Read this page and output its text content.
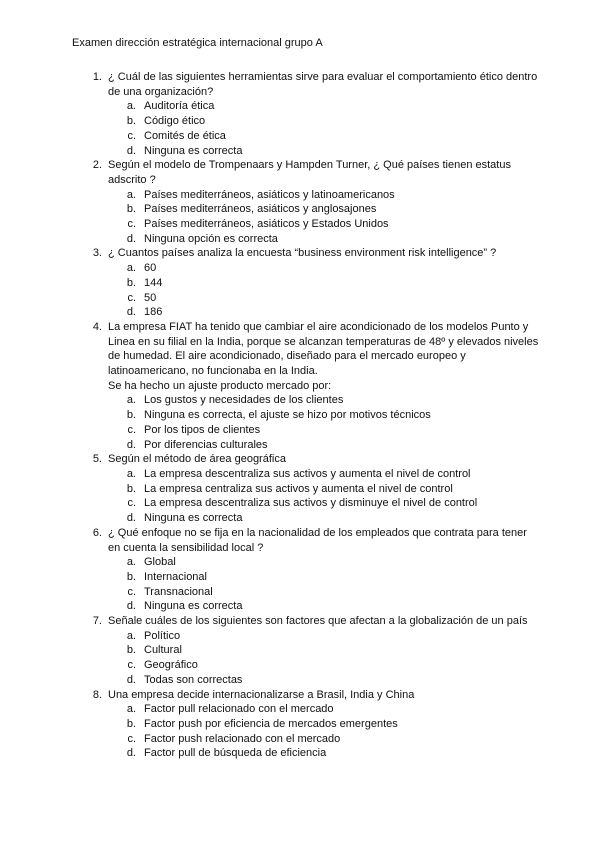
Examen dirección estratégica internacional grupo A
1. ¿ Cuál de las siguientes herramientas sirve para evaluar el comportamiento ético dentro de una organización?

a. Auditoría ética
b. Código ético
c. Comités de ética
d. Ninguna es correcta
2. Según el modelo de Trompenaars y Hampden Turner, ¿ Qué países tienen estatus adscrito ?

a. Países mediterráneos, asiáticos y latinoamericanos
b. Países mediterráneos, asiáticos y anglosajones
c. Países mediterráneos, asiáticos y Estados Unidos
d. Ninguna opción es correcta
3. ¿ Cuantos países analiza la encuesta “business environment risk intelligence” ?

a. 60
b. 144
c. 50
d. 186
4. La empresa FIAT ha tenido que cambiar el aire acondicionado de los modelos Punto y Linea en su filial en la India, porque se alcanzan temperaturas de 48º y elevados niveles de humedad. El aire acondicionado, diseñado para el mercado europeo y latinoamericano, no funcionaba en la India.

Se ha hecho un ajuste producto mercado por:

a. Los gustos y necesidades de los clientes
b. Ninguna es correcta, el ajuste se hizo por motivos técnicos
c. Por los tipos de clientes
d. Por diferencias culturales
5. Según el método de área geográfica

a. La empresa descentraliza sus activos y aumenta el nivel de control
b. La empresa centraliza sus activos y aumenta el nivel de control
c. La empresa descentraliza sus activos y disminuye el nivel de control
d. Ninguna es correcta
6. ¿ Qué enfoque no se fija en la nacionalidad de los empleados que contrata para tener en cuenta la sensibilidad local ?

a. Global
b. Internacional
c. Transnacional
d. Ninguna es correcta
7. Señale cuáles de los siguientes son factores que afectan a la globalización de un país

a. Político
b. Cultural
c. Geográfico
d. Todas son correctas
8. Una empresa decide internacionalizarse a Brasil, India y China

a. Factor pull relacionado con el mercado
b. Factor push por eficiencia de mercados emergentes
c. Factor push relacionado con el mercado
d. Factor pull de búsqueda de eficiencia
